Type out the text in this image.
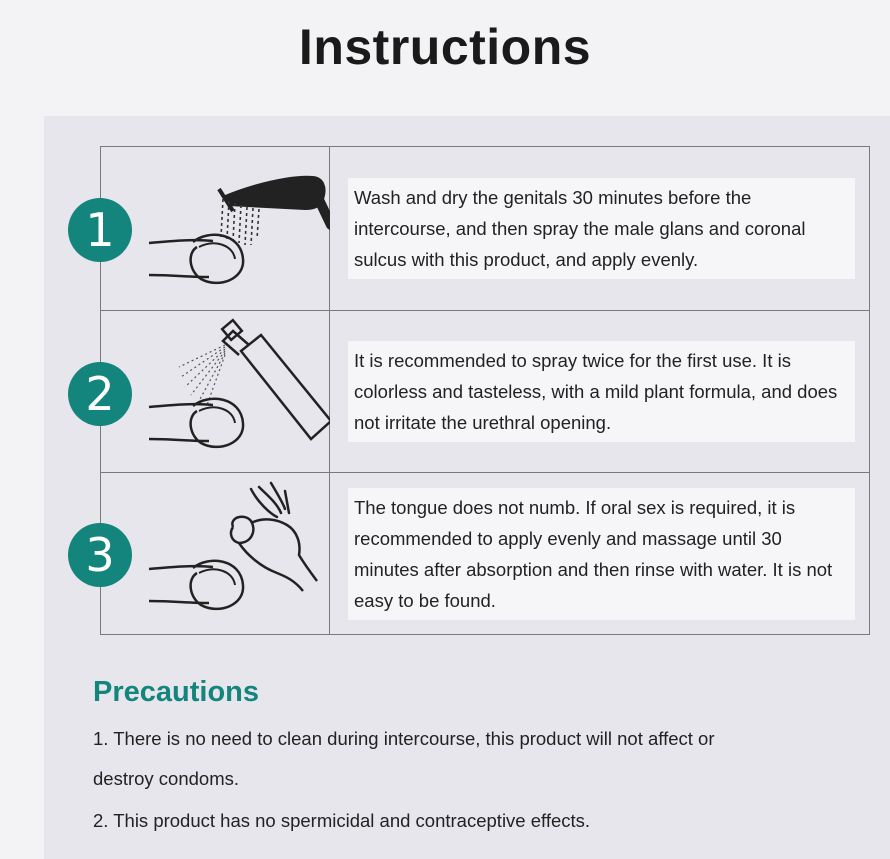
Instructions
Wash and dry the genitals 30 minutes before the intercourse, and then spray the male glans and coronal sulcus with this product, and apply evenly.
It is recommended to spray twice for the first use. It is colorless and tasteless, with a mild plant formula, and does not irritate the urethral opening.
The tongue does not numb. If oral sex is required, it is recommended to apply evenly and massage until 30 minutes after absorption and then rinse with water. It is not easy to be found.
1
2
3
Precautions
1. There is no need to clean during intercourse, this product will not affect or
destroy condoms.
2. This product has no spermicidal and contraceptive effects.
